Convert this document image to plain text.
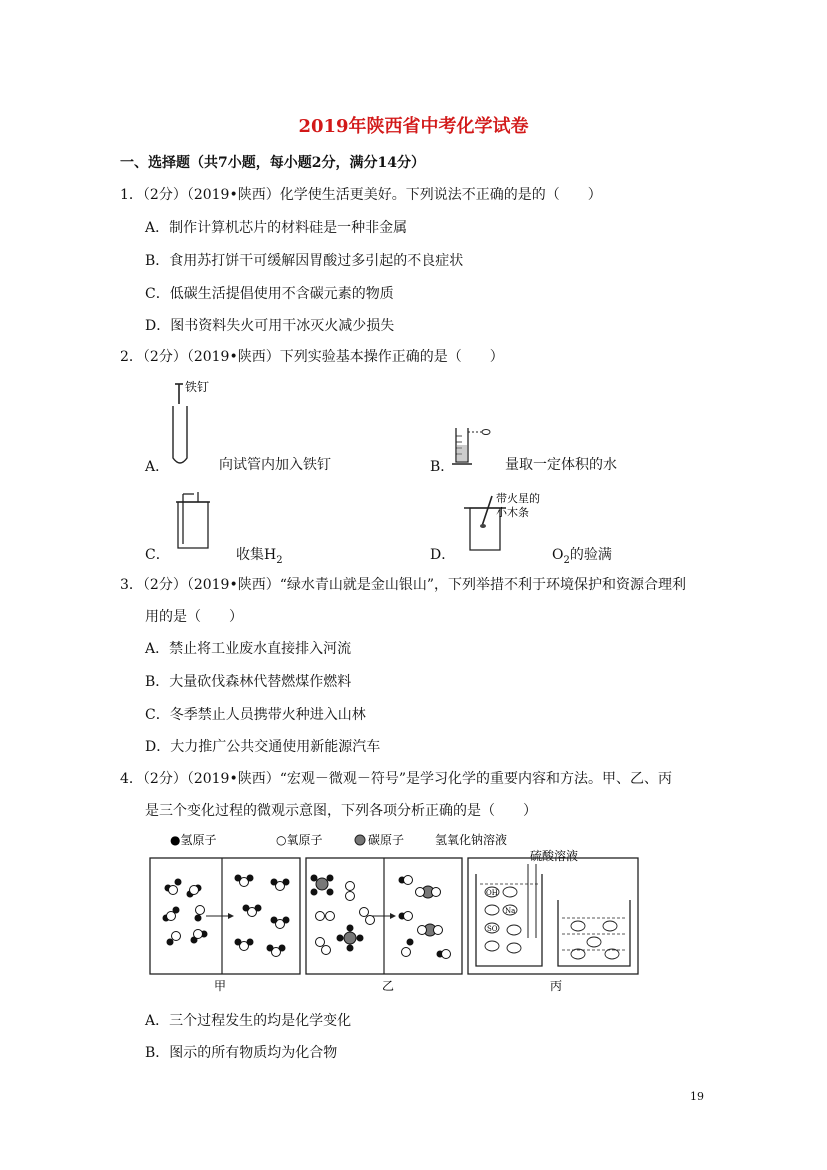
2019年陕西省中考化学试卷
一、选择题（共7小题，每小题2分，满分14分）
1．（2分）（2019•陕西）化学使生活更美好。下列说法不正确的是的（　　）
A．制作计算机芯片的材料硅是一种非金属
B．食用苏打饼干可缓解因胃酸过多引起的不良症状
C．低碳生活提倡使用不含碳元素的物质
D．图书资料失火可用干冰灭火减少损失
2．（2分）（2019•陕西）下列实验基本操作正确的是（　　）
铁钉
A．	向试管内加入铁钉	B．	量取一定体积的水
C．	收集$H_2$
带火星的
小木条
D．	$O_2$的验满
3．（2分）（2019•陕西）“绿水青山就是金山银山”，下列举措不利于环境保护和资源合理利
用的是（　　）
A．禁止将工业废水直接排入河流
B．大量砍伐森林代替燃煤作燃料
C．冬季禁止人员携带火种进入山林
D．大力推广公共交通使用新能源汽车
4．（2分）（2019•陕西）“宏观－微观－符号”是学习化学的重要内容和方法。甲、乙、丙
是三个变化过程的微观示意图，下列各项分析正确的是（　　）
●氢原子	○氧原子	碳原子	氢氧化钠溶液
硫酸溶液
甲	乙
OH
Na
SO
丙
A．三个过程发生的均是化学变化
B．图示的所有物质均为化合物
19
